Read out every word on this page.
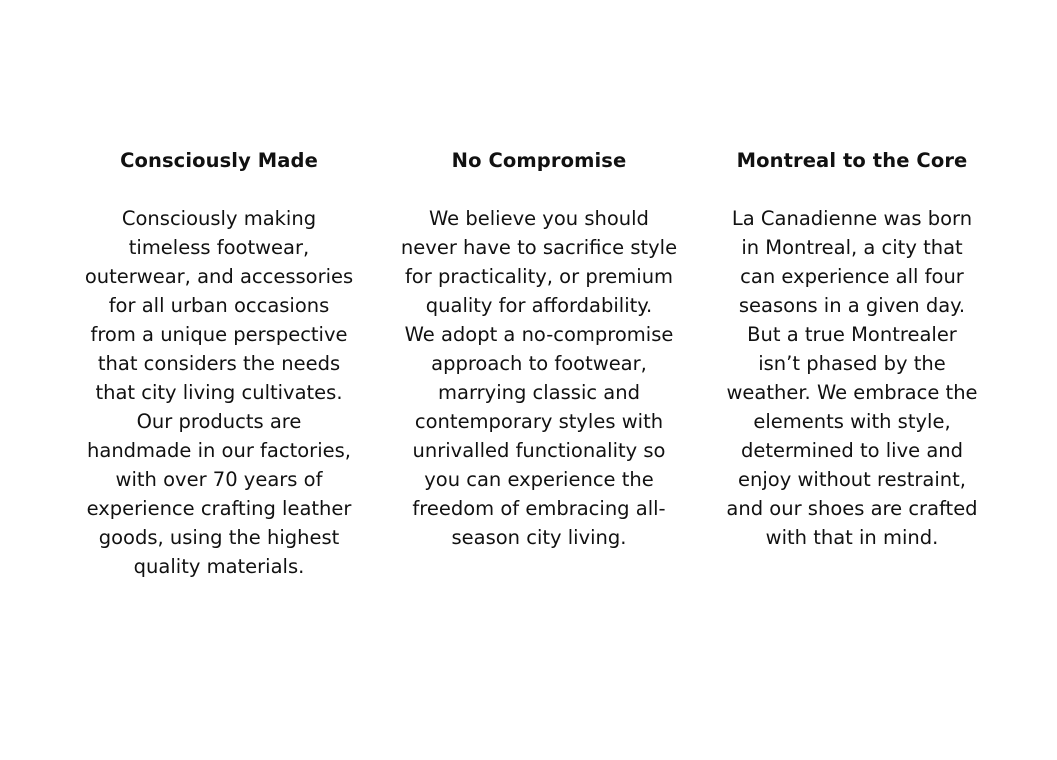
Consciously Made

Consciously making
timeless footwear,
outerwear, and accessories
for all urban occasions
from a unique perspective
that considers the needs
that city living cultivates.
Our products are
handmade in our factories,
with over 70 years of
experience crafting leather
goods, using the highest
quality materials.

No Compromise

We believe you should
never have to sacrifice style
for practicality, or premium
quality for affordability.
We adopt a no-compromise
approach to footwear,
marrying classic and
contemporary styles with
unrivalled functionality so
you can experience the
freedom of embracing all-
season city living.

Montreal to the Core

La Canadienne was born
in Montreal, a city that
can experience all four
seasons in a given day.
But a true Montrealer
isn’t phased by the
weather. We embrace the
elements with style,
determined to live and
enjoy without restraint,
and our shoes are crafted
with that in mind.
